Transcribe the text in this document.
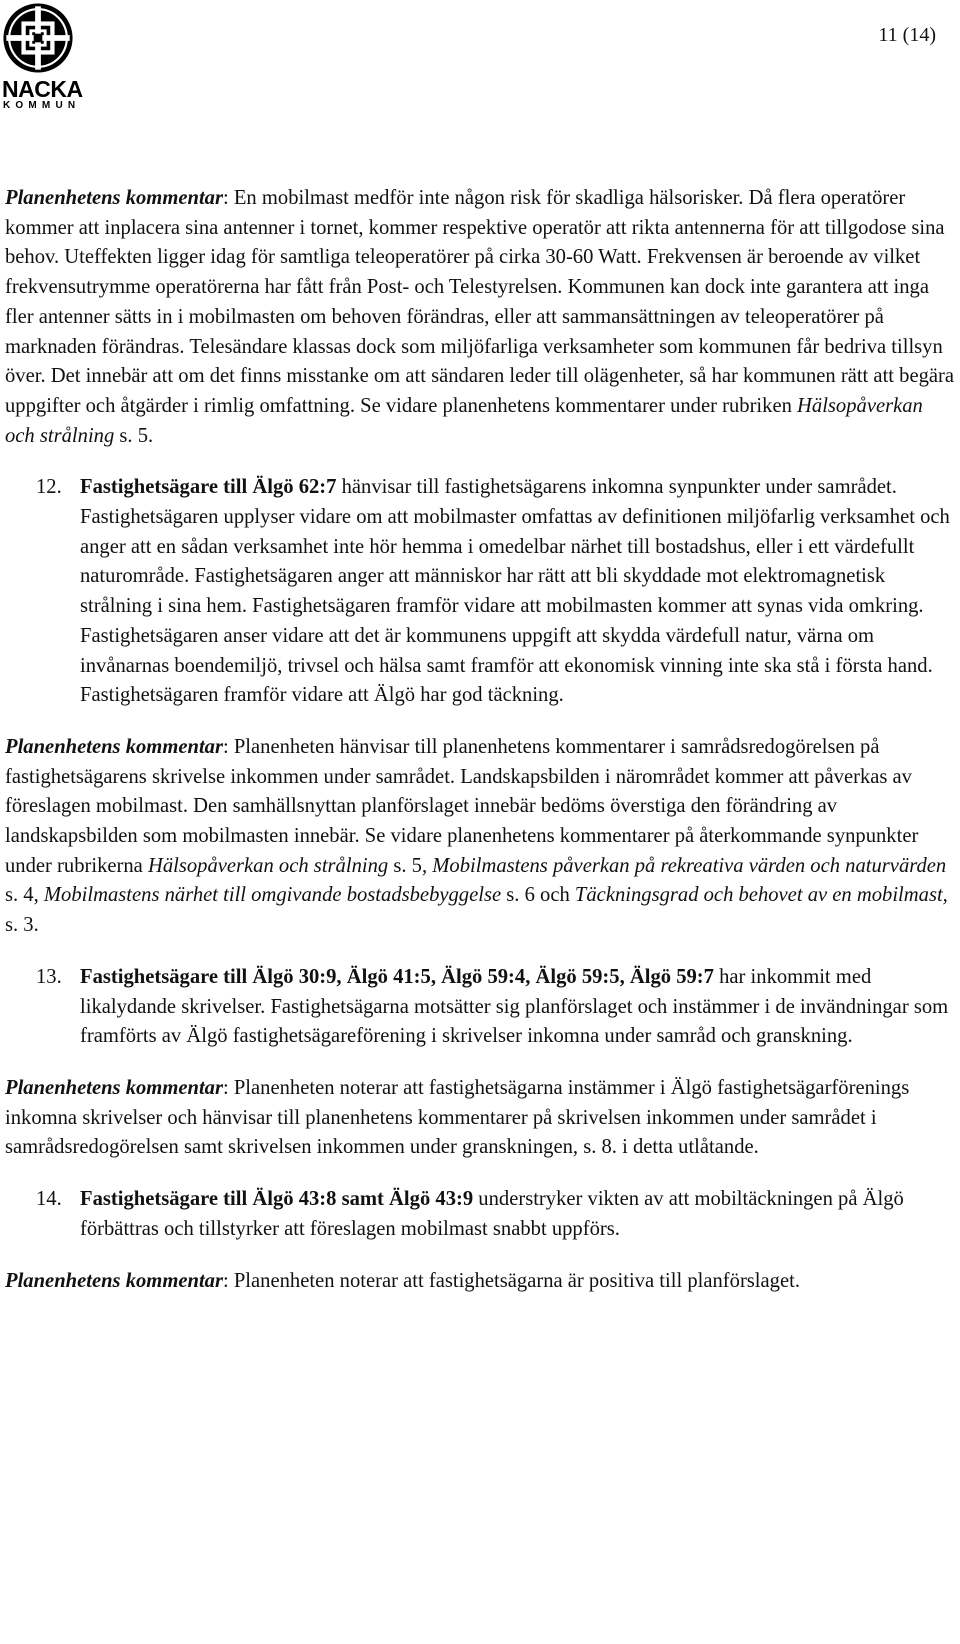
NACKA
KOMMUN
11 (14)

Planenhetens kommentar: En mobilmast medför inte någon risk för skadliga hälsorisker. Då flera operatörer kommer att inplacera sina antenner i tornet, kommer respektive operatör att rikta antennerna för att tillgodose sina behov. Uteffekten ligger idag för samtliga teleoperatörer på cirka 30-60 Watt. Frekvensen är beroende av vilket frekvensutrymme operatörerna har fått från Post- och Telestyrelsen. Kommunen kan dock inte garantera att inga fler antenner sätts in i mobilmasten om behoven förändras, eller att sammansättningen av teleoperatörer på marknaden förändras. Telesändare klassas dock som miljöfarliga verksamheter som kommunen får bedriva tillsyn över. Det innebär att om det finns misstanke om att sändaren leder till olägenheter, så har kommunen rätt att begära uppgifter och åtgärder i rimlig omfattning. Se vidare planenhetens kommentarer under rubriken Hälsopåverkan och strålning s. 5.

12. Fastighetsägare till Älgö 62:7 hänvisar till fastighetsägarens inkomna synpunkter under samrådet. Fastighetsägaren upplyser vidare om att mobilmaster omfattas av definitionen miljöfarlig verksamhet och anger att en sådan verksamhet inte hör hemma i omedelbar närhet till bostadshus, eller i ett värdefullt naturområde. Fastighetsägaren anger att människor har rätt att bli skyddade mot elektromagnetisk strålning i sina hem. Fastighetsägaren framför vidare att mobilmasten kommer att synas vida omkring. Fastighetsägaren anser vidare att det är kommunens uppgift att skydda värdefull natur, värna om invånarnas boendemiljö, trivsel och hälsa samt framför att ekonomisk vinning inte ska stå i första hand. Fastighetsägaren framför vidare att Älgö har god täckning.

Planenhetens kommentar: Planenheten hänvisar till planenhetens kommentarer i samrådsredogörelsen på fastighetsägarens skrivelse inkommen under samrådet. Landskapsbilden i närområdet kommer att påverkas av föreslagen mobilmast. Den samhällsnyttan planförslaget innebär bedöms överstiga den förändring av landskapsbilden som mobilmasten innebär. Se vidare planenhetens kommentarer på återkommande synpunkter under rubrikerna Hälsopåverkan och strålning s. 5, Mobilmastens påverkan på rekreativa värden och naturvärden s. 4, Mobilmastens närhet till omgivande bostadsbebyggelse s. 6 och Täckningsgrad och behovet av en mobilmast, s. 3.

13. Fastighetsägare till Älgö 30:9, Älgö 41:5, Älgö 59:4, Älgö 59:5, Älgö 59:7 har inkommit med likalydande skrivelser. Fastighetsägarna motsätter sig planförslaget och instämmer i de invändningar som framförts av Älgö fastighetsägareförening i skrivelser inkomna under samråd och granskning.

Planenhetens kommentar: Planenheten noterar att fastighetsägarna instämmer i Älgö fastighetsägarförenings inkomna skrivelser och hänvisar till planenhetens kommentarer på skrivelsen inkommen under samrådet i samrådsredogörelsen samt skrivelsen inkommen under granskningen, s. 8. i detta utlåtande.

14. Fastighetsägare till Älgö 43:8 samt Älgö 43:9 understryker vikten av att mobiltäckningen på Älgö förbättras och tillstyrker att föreslagen mobilmast snabbt uppförs.

Planenhetens kommentar: Planenheten noterar att fastighetsägarna är positiva till planförslaget.
